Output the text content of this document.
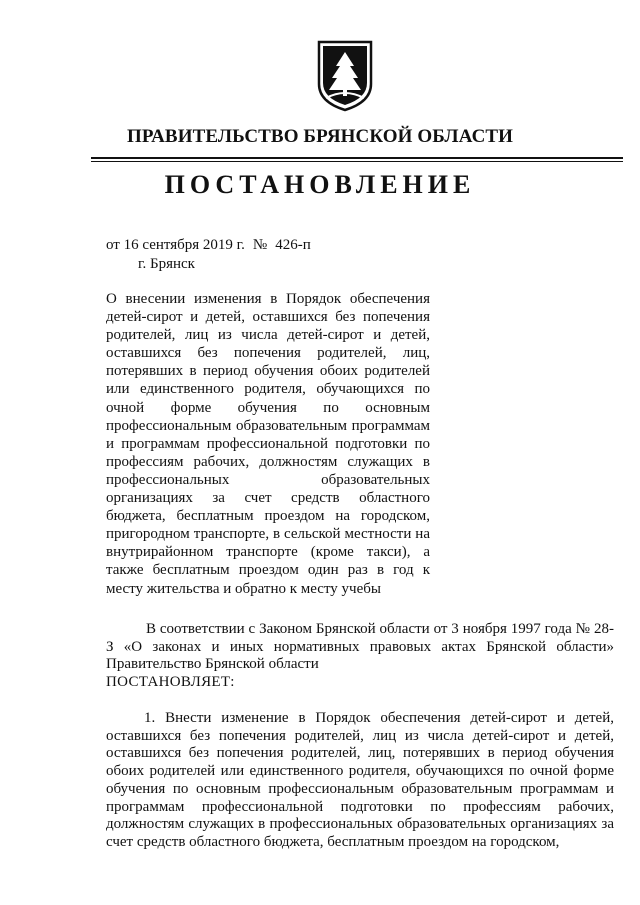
ПРАВИТЕЛЬСТВО БРЯНСКОЙ ОБЛАСТИ
ПОСТАНОВЛЕНИЕ
от 16 сентября 2019 г. № 426-п
г. Брянск
О внесении изменения в Порядок обеспечения детей-сирот и детей, оставшихся без попечения родителей, лиц из числа детей-сирот и детей, оставшихся без попечения родителей, лиц, потерявших в период обучения обоих родителей или единственного родителя, обучающихся по очной форме обучения по основным профессиональным образовательным программам и программам профессиональной подготовки по профессиям рабочих, должностям служащих в профессиональных образовательных организациях за счет средств областного бюджета, бесплатным проездом на городском, пригородном транспорте, в сельской местности на внутрирайонном транспорте (кроме такси), а также бесплатным проездом один раз в год к месту жительства и обратно к месту учебы
В соответствии с Законом Брянской области от 3 ноября 1997 года № 28-З «О законах и иных нормативных правовых актах Брянской области» Правительство Брянской области
ПОСТАНОВЛЯЕТ:
1. Внести изменение в Порядок обеспечения детей-сирот и детей, оставшихся без попечения родителей, лиц из числа детей-сирот и детей, оставшихся без попечения родителей, лиц, потерявших в период обучения обоих родителей или единственного родителя, обучающихся по очной форме обучения по основным профессиональным образовательным программам и программам профессиональной подготовки по профессиям рабочих, должностям служащих в профессиональных образовательных организациях за счет средств областного бюджета, бесплатным проездом на городском,
